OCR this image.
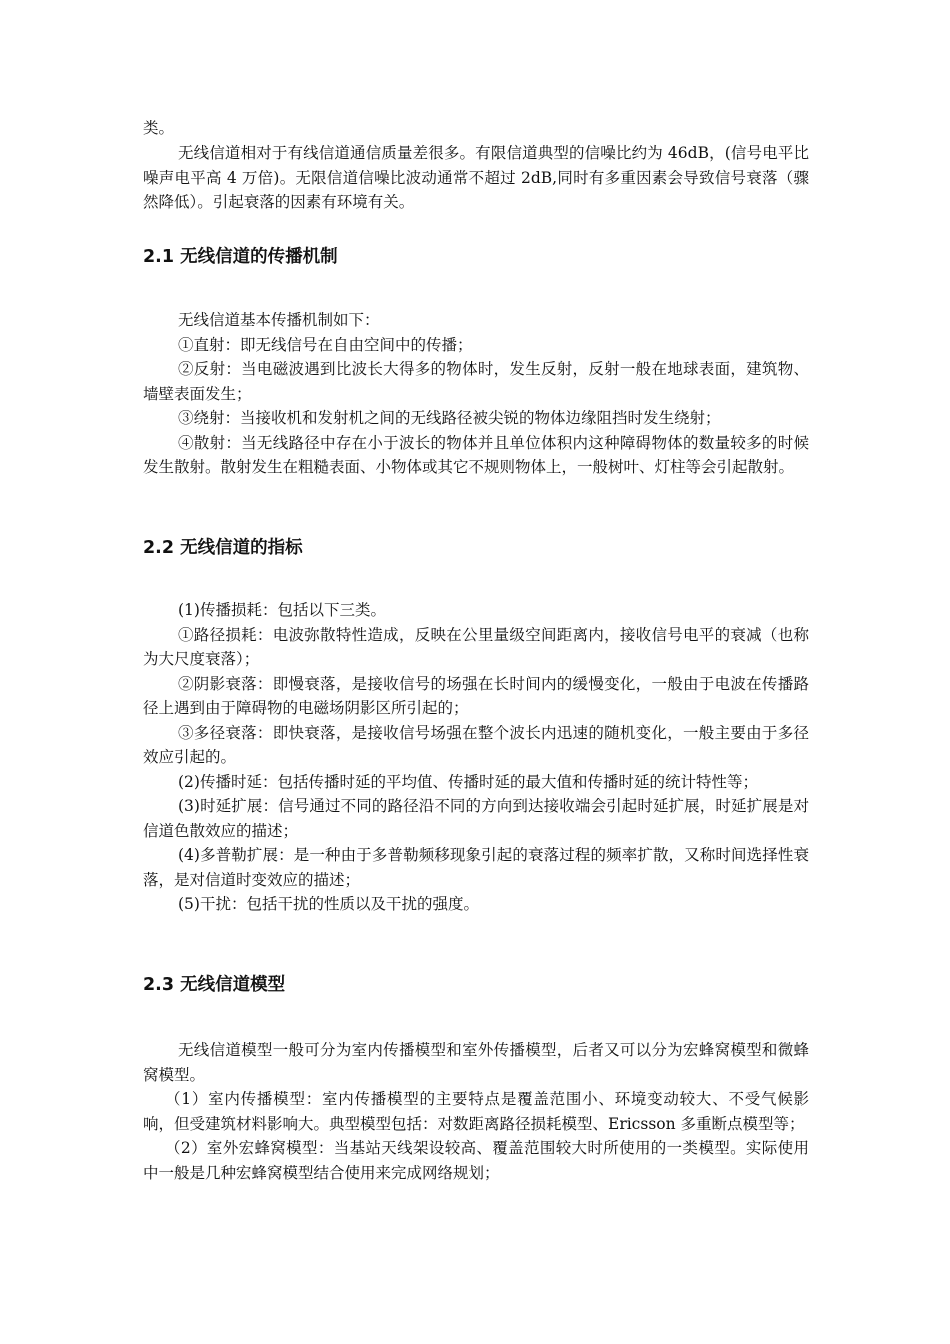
类。

无线信道相对于有线信道通信质量差很多。有限信道典型的信噪比约为 46dB，(信号电平比噪声电平高 4 万倍)。无限信道信噪比波动通常不超过 2dB,同时有多重因素会导致信号衰落（骤然降低）。引起衰落的因素有环境有关。

2.1 无线信道的传播机制

无线信道基本传播机制如下：

①直射：即无线信号在自由空间中的传播；

②反射：当电磁波遇到比波长大得多的物体时，发生反射，反射一般在地球表面，建筑物、墙壁表面发生；

③绕射：当接收机和发射机之间的无线路径被尖锐的物体边缘阻挡时发生绕射；

④散射：当无线路径中存在小于波长的物体并且单位体积内这种障碍物体的数量较多的时候发生散射。散射发生在粗糙表面、小物体或其它不规则物体上，一般树叶、灯柱等会引起散射。

2.2 无线信道的指标

(1)传播损耗：包括以下三类。

①路径损耗：电波弥散特性造成，反映在公里量级空间距离内，接收信号电平的衰减（也称为大尺度衰落）；

②阴影衰落：即慢衰落，是接收信号的场强在长时间内的缓慢变化，一般由于电波在传播路径上遇到由于障碍物的电磁场阴影区所引起的；

③多径衰落：即快衰落，是接收信号场强在整个波长内迅速的随机变化，一般主要由于多径效应引起的。

(2)传播时延：包括传播时延的平均值、传播时延的最大值和传播时延的统计特性等；

(3)时延扩展：信号通过不同的路径沿不同的方向到达接收端会引起时延扩展，时延扩展是对信道色散效应的描述；

(4)多普勒扩展：是一种由于多普勒频移现象引起的衰落过程的频率扩散，又称时间选择性衰落，是对信道时变效应的描述；

(5)干扰：包括干扰的性质以及干扰的强度。

2.3 无线信道模型

无线信道模型一般可分为室内传播模型和室外传播模型，后者又可以分为宏蜂窝模型和微蜂窝模型。

（1）室内传播模型：室内传播模型的主要特点是覆盖范围小、环境变动较大、不受气候影响，但受建筑材料影响大。典型模型包括：对数距离路径损耗模型、Ericsson 多重断点模型等；

（2）室外宏蜂窝模型：当基站天线架设较高、覆盖范围较大时所使用的一类模型。实际使用中一般是几种宏蜂窝模型结合使用来完成网络规划；
